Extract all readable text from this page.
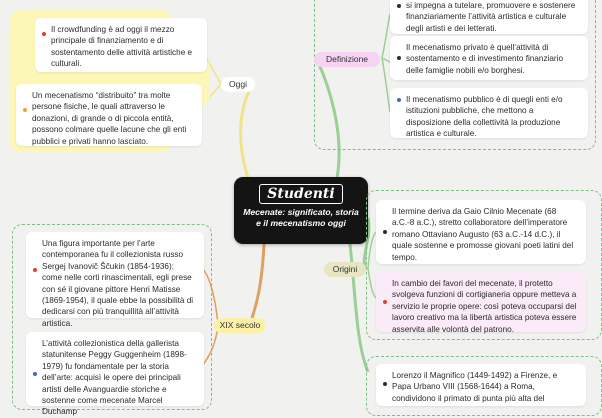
Il crowdfunding è ad oggi il mezzo principale di finanziamento e di sostentamento delle attività artistiche e culturali.
Un mecenatismo “distribuito” tra molte persone fisiche, le quali attraverso le donazioni, di grande o di piccola entità, possono colmare quelle lacune che gli enti pubblici e privati hanno lasciato.
Oggi
si impegna a tutelare, promuovere e sostenere finanziariamente l’attività artistica e culturale degli artisti e dei letterati.
Il mecenatismo privato è quell’attività di sostentamento e di investimento finanziario delle famiglie nobili e/o borghesi.
Il mecenatismo pubblico è di quegli enti e/o istituzioni pubbliche, che mettono a disposizione della collettività la produzione artistica e culturale.
Definizione
Studenti
Mecenate: significato, storia e il mecenatismo oggi
Il termine deriva da Gaio Cilnio Mecenate (68 a.C.-8 a.C.), stretto collaboratore dell’imperatore romano Ottaviano Augusto (63 a.C.-14 d.C.), il quale sostenne e promosse giovani poeti latini del tempo.
In cambio dei favori del mecenate, il protetto svolgeva funzioni di cortigianeria oppure metteva a servizio le proprie opere: così poteva occuparsi del lavoro creativo ma la libertà artistica poteva essere asservita alle volontà del patrono.
Origini
Lorenzo il Magnifico (1449-1492) a Firenze, e Papa Urbano VIII (1568-1644) a Roma, condividono il primato di punta più alta del
Una figura importante per l’arte contemporanea fu il collezionista russo Sergej Ivanovič Ščukin (1854-1936): come nelle corti rinascimentali, egli prese con sé il giovane pittore Henri Matisse (1869-1954), il quale ebbe la possibilità di dedicarsi con più tranquillità all’attività artistica.
L’attività collezionistica della gallerista statunitense Peggy Guggenheim (1898-1979) fu fondamentale per la storia dell’arte: acquisì le opere dei principali artisti delle Avanguardie storiche e sostenne come mecenate Marcel Duchamp
XIX secolo
